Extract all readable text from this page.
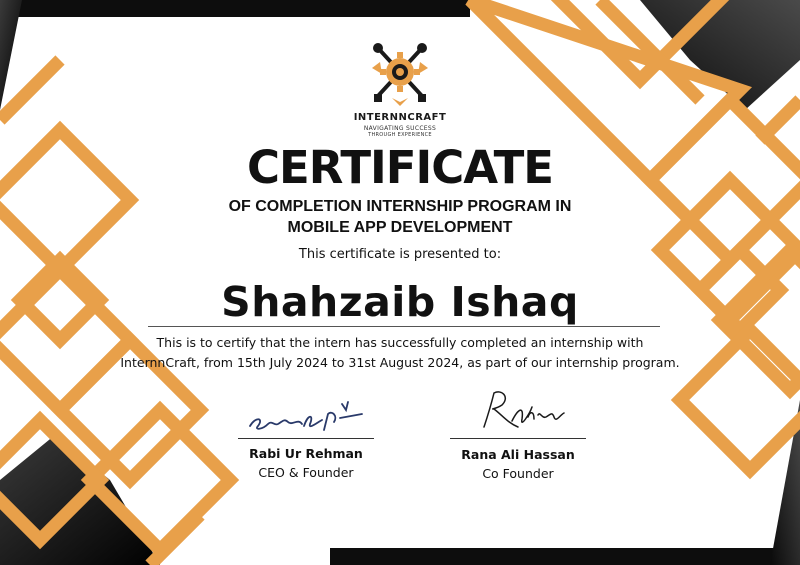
INTERNNCRAFT
NAVIGATING SUCCESS
THROUGH EXPERIENCE
CERTIFICATE
OF COMPLETION INTERNSHIP PROGRAM IN
MOBILE APP DEVELOPMENT
This certificate is presented to:
Shahzaib Ishaq
This is to certify that the intern has successfully completed an internship with
InternnCraft, from 15th July 2024 to 31st August 2024, as part of our internship program.
Rabi Ur Rehman
CEO & Founder
Rana Ali Hassan
Co Founder
